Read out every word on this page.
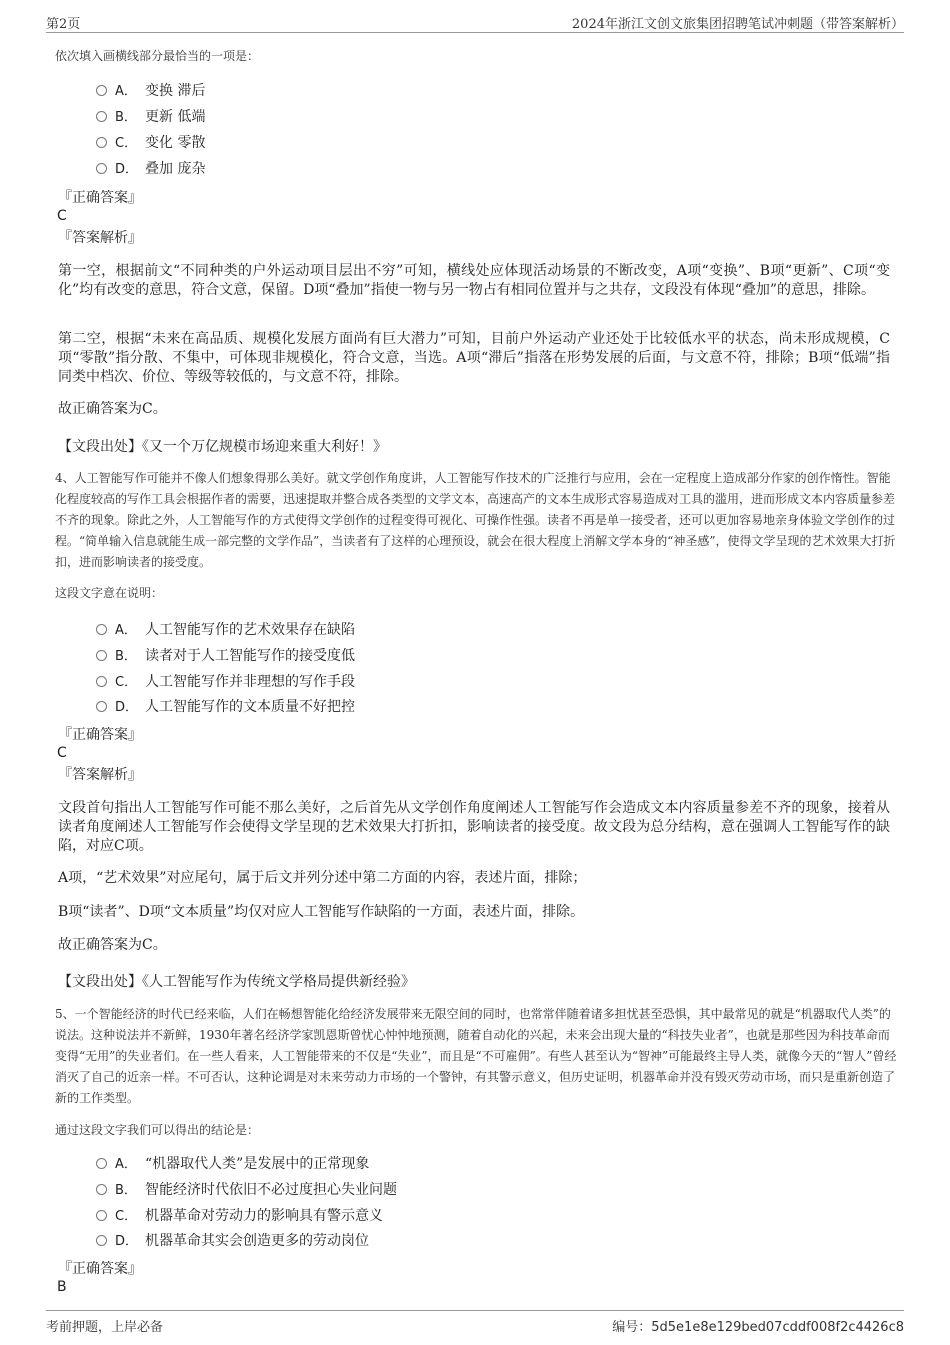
第2页	2024年浙江文创文旅集团招聘笔试冲刺题（带答案解析）
依次填入画横线部分最恰当的一项是：
A． 变换 滞后
B． 更新 低端
C． 变化 零散
D． 叠加 庞杂
『正确答案』
C
『答案解析』
第一空，根据前文“不同种类的户外运动项目层出不穷”可知，横线处应体现活动场景的不断改变，A项“变换”、B项“更新”、C项“变化”均有改变的意思，符合文意，保留。D项“叠加”指使一物与另一物占有相同位置并与之共存，文段没有体现“叠加”的意思，排除。
第二空，根据“未来在高品质、规模化发展方面尚有巨大潜力”可知，目前户外运动产业还处于比较低水平的状态，尚未形成规模，C项“零散”指分散、不集中，可体现非规模化，符合文意，当选。A项“滞后”指落在形势发展的后面，与文意不符，排除；B项“低端”指同类中档次、价位、等级等较低的，与文意不符，排除。
故正确答案为C。
【文段出处】《又一个万亿规模市场迎来重大利好！》
4、人工智能写作可能并不像人们想象得那么美好。就文学创作角度讲，人工智能写作技术的广泛推行与应用，会在一定程度上造成部分作家的创作惰性。智能化程度较高的写作工具会根据作者的需要，迅速提取并整合成各类型的文学文本，高速高产的文本生成形式容易造成对工具的滥用，进而形成文本内容质量参差不齐的现象。除此之外，人工智能写作的方式使得文学创作的过程变得可视化、可操作性强。读者不再是单一接受者，还可以更加容易地亲身体验文学创作的过程。“简单输入信息就能生成一部完整的文学作品”，当读者有了这样的心理预设，就会在很大程度上消解文学本身的“神圣感”，使得文学呈现的艺术效果大打折扣，进而影响读者的接受度。
这段文字意在说明：
A． 人工智能写作的艺术效果存在缺陷
B． 读者对于人工智能写作的接受度低
C． 人工智能写作并非理想的写作手段
D． 人工智能写作的文本质量不好把控
『正确答案』
C
『答案解析』
文段首句指出人工智能写作可能不那么美好，之后首先从文学创作角度阐述人工智能写作会造成文本内容质量参差不齐的现象，接着从读者角度阐述人工智能写作会使得文学呈现的艺术效果大打折扣，影响读者的接受度。故文段为总分结构，意在强调人工智能写作的缺陷，对应C项。
A项，“艺术效果”对应尾句，属于后文并列分述中第二方面的内容，表述片面，排除；
B项“读者”、D项“文本质量”均仅对应人工智能写作缺陷的一方面，表述片面，排除。
故正确答案为C。
【文段出处】《人工智能写作为传统文学格局提供新经验》
5、一个智能经济的时代已经来临，人们在畅想智能化给经济发展带来无限空间的同时，也常常伴随着诸多担忧甚至恐惧，其中最常见的就是“机器取代人类”的说法。这种说法并不新鲜，1930年著名经济学家凯恩斯曾忧心忡忡地预测，随着自动化的兴起，未来会出现大量的“科技失业者”，也就是那些因为科技革命而变得“无用”的失业者们。在一些人看来，人工智能带来的不仅是“失业”，而且是“不可雇佣”。有些人甚至认为“智神”可能最终主导人类，就像今天的“智人”曾经消灭了自己的近亲一样。不可否认，这种论调是对未来劳动力市场的一个警钟，有其警示意义，但历史证明，机器革命并没有毁灭劳动市场，而只是重新创造了新的工作类型。
通过这段文字我们可以得出的结论是：
A． “机器取代人类”是发展中的正常现象
B． 智能经济时代依旧不必过度担心失业问题
C． 机器革命对劳动力的影响具有警示意义
D． 机器革命其实会创造更多的劳动岗位
『正确答案』
B
考前押题，上岸必备	编号：5d5e1e8e129bed07cddf008f2c4426c8
